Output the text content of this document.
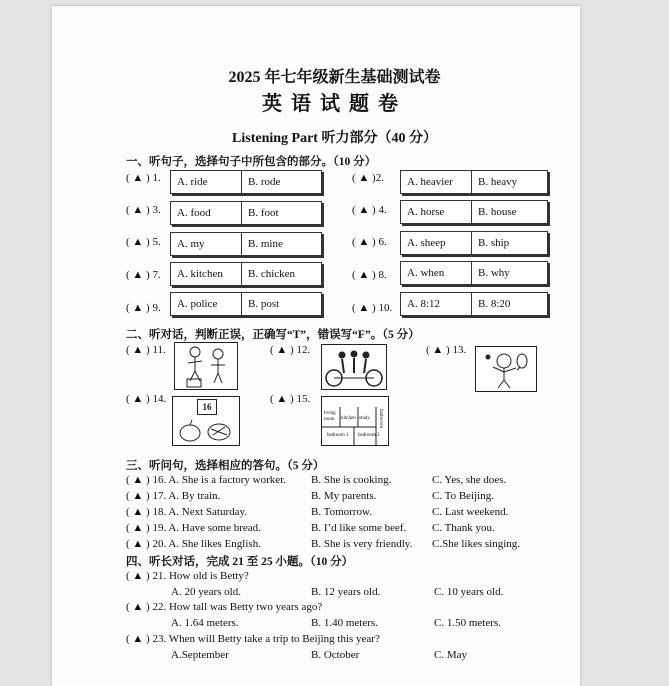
2025 年七年级新生基础测试卷
英语试题卷
Listening Part 听力部分（40 分）
一、听句子，选择句子中所包含的部分。（10 分）
( ▲ ) 1.	A. ride	B. rode	( ▲ )2.	A. heavier	B. heavy
( ▲ ) 3.	A. food	B. foot	( ▲ ) 4.	A. horse	B. house
( ▲ ) 5.	A. my	B. mine	( ▲ ) 6.	A. sheep	B. ship
( ▲ ) 7.	A. kitchen	B. chicken	( ▲ ) 8.	A. when	B. why
( ▲ ) 9.	A. police	B. post	( ▲ ) 10.	A. 8:12	B. 8:20
二、听对话，判断正误，正确写“T”，错误写“F”。（5 分）
( ▲ ) 11.	( ▲ ) 12.	( ▲ ) 13.
( ▲ ) 14.
16
( ▲ ) 15.
living room	kitchen study
bedroom 1 bedroom 2
bathroom
三、听问句，选择相应的答句。（5 分）
( ▲ ) 16. A. She is a factory worker. B. She is cooking.	C. Yes, she does.
( ▲ ) 17. A. By train.	B. My parents.	C. To Beijing.
( ▲ ) 18. A. Next Saturday.	B. Tomorrow.	C. Last weekend.
( ▲ ) 19. A. Have some bread.	B. I’d like some beef. C. Thank you.
( ▲ ) 20. A. She likes English.	B. She is very friendly. C.She likes singing.
四、听长对话，完成 21 至 25 小题。（10 分）
( ▲ ) 21. How old is Betty?
A. 20 years old.	B. 12 years old.	C. 10 years old.
( ▲ ) 22. How tall was Betty two years ago?
A. 1.64 meters.	B. 1.40 meters.	C. 1.50 meters.
( ▲ ) 23. When will Betty take a trip to Beijing this year?
A.September	B. October	C. May
